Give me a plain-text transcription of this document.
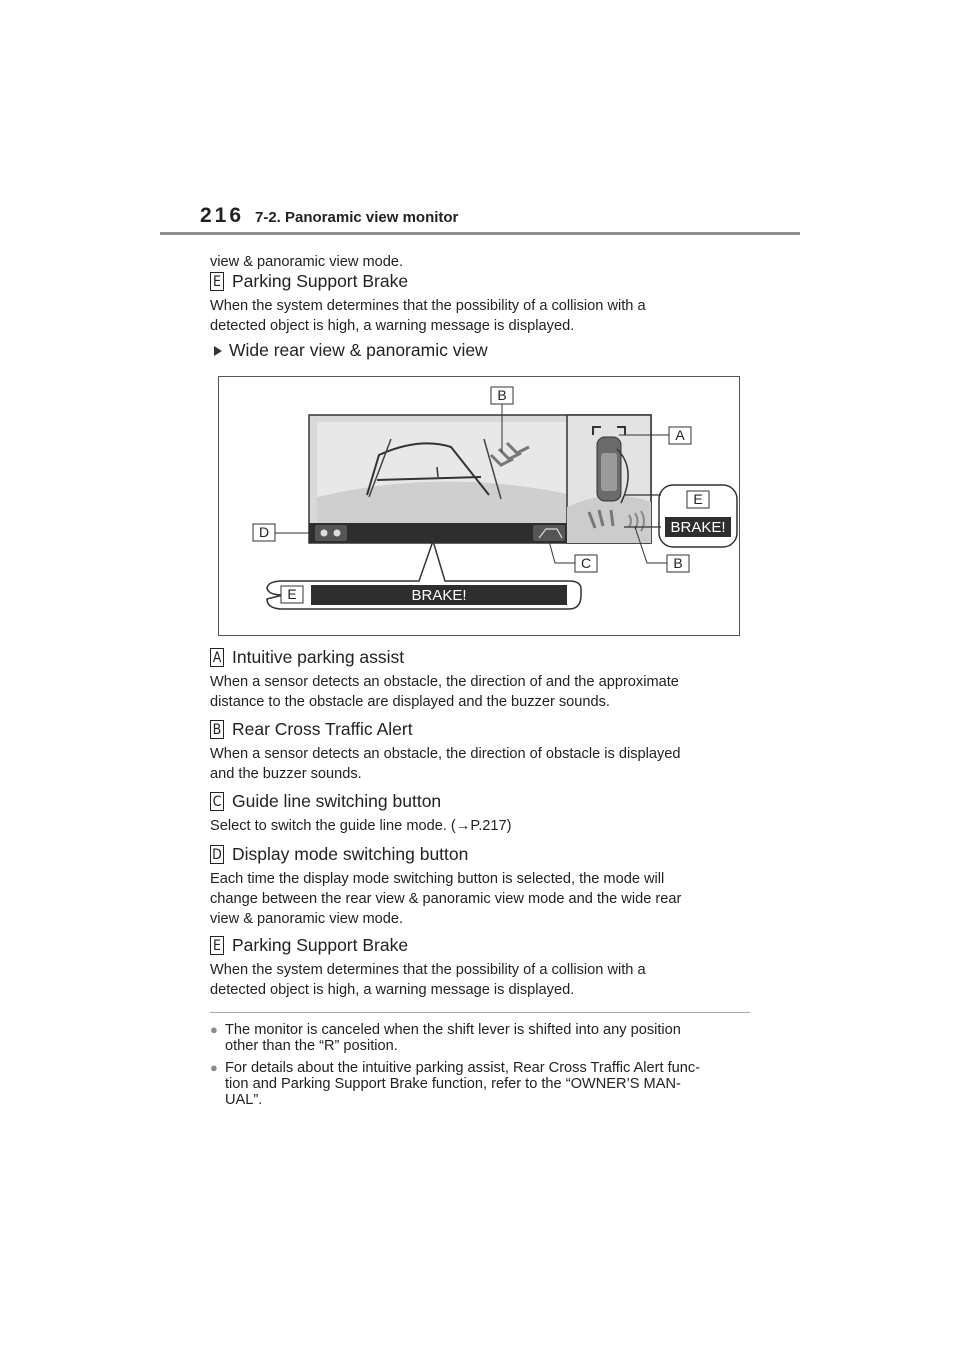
216 7-2. Panoramic view monitor
view & panoramic view mode.
E Parking Support Brake
When the system determines that the possibility of a collision with a
detected object is high, a warning message is displayed.
Wide rear view & panoramic view
B
A
E
BRAKE!
D
C	B
E	BRAKE!
A Intuitive parking assist
When a sensor detects an obstacle, the direction of and the approximate
distance to the obstacle are displayed and the buzzer sounds.
B Rear Cross Traffic Alert
When a sensor detects an obstacle, the direction of obstacle is displayed
and the buzzer sounds.
C Guide line switching button
Select to switch the guide line mode. (→P.217)
D Display mode switching button
Each time the display mode switching button is selected, the mode will
change between the rear view & panoramic view mode and the wide rear
view & panoramic view mode.
E Parking Support Brake
When the system determines that the possibility of a collision with a
detected object is high, a warning message is displayed.
● The monitor is canceled when the shift lever is shifted into any position
other than the “R” position.
● For details about the intuitive parking assist, Rear Cross Traffic Alert func-
tion and Parking Support Brake function, refer to the “OWNER’S MAN-
UAL”.
